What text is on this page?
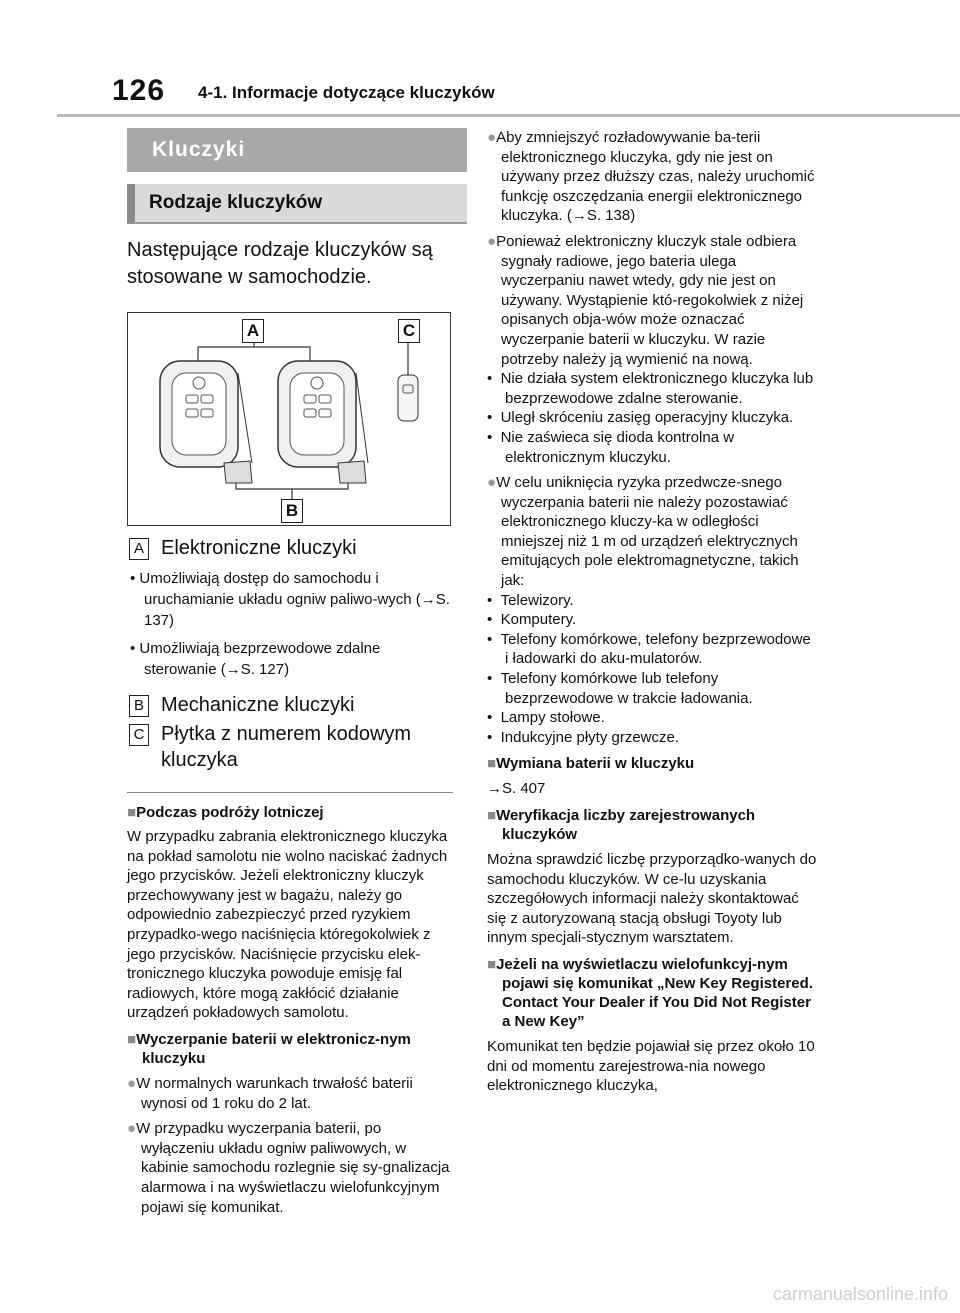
126 4-1. Informacje dotyczące kluczyków
Kluczyki
Rodzaje kluczyków
Następujące rodzaje kluczyków są stosowane w samochodzie.
A	C
B
A Elektroniczne kluczyki
• Umożliwiają dostęp do samochodu i uruchamianie układu ogniw paliwo-wych (→S. 137)
• Umożliwiają bezprzewodowe zdalne sterowanie (→S. 127)
B Mechaniczne kluczyki
C Płytka z numerem kodowym kluczyka
■Podczas podróży lotniczej
W przypadku zabrania elektronicznego kluczyka na pokład samolotu nie wolno naciskać żadnych jego przycisków. Jeżeli elektroniczny kluczyk przechowywany jest w bagażu, należy go odpowiednio zabezpieczyć przed ryzykiem przypadko-wego naciśnięcia któregokolwiek z jego przycisków. Naciśnięcie przycisku elek-tronicznego kluczyka powoduje emisję fal radiowych, które mogą zakłócić działanie urządzeń pokładowych samolotu.
■Wyczerpanie baterii w elektronicz-nym kluczyku
●W normalnych warunkach trwałość baterii wynosi od 1 roku do 2 lat.
●W przypadku wyczerpania baterii, po wyłączeniu układu ogniw paliwowych, w kabinie samochodu rozlegnie się sy-gnalizacja alarmowa i na wyświetlaczu wielofunkcyjnym pojawi się komunikat.
●Aby zmniejszyć rozładowywanie ba-terii elektronicznego kluczyka, gdy nie jest on używany przez dłuższy czas, należy uruchomić funkcję oszczędzania energii elektronicznego kluczyka. (→S. 138)
●Ponieważ elektroniczny kluczyk stale odbiera sygnały radiowe, jego bateria ulega wyczerpaniu nawet wtedy, gdy nie jest on używany. Wystąpienie któ-regokolwiek z niżej opisanych obja-wów może oznaczać wyczerpanie baterii w kluczyku. W razie potrzeby należy ją wymienić na nową.
•  Nie działa system elektronicznego kluczyka lub bezprzewodowe zdalne sterowanie.
•  Uległ skróceniu zasięg operacyjny kluczyka.
•  Nie zaświeca się dioda kontrolna w elektronicznym kluczyku.
●W celu uniknięcia ryzyka przedwcze-snego wyczerpania baterii nie należy pozostawiać elektronicznego kluczy-ka w odległości mniejszej niż 1 m od urządzeń elektrycznych emitujących pole elektromagnetyczne, takich jak:
•  Telewizory.
•  Komputery.
•  Telefony komórkowe, telefony bezprzewodowe i ładowarki do aku-mulatorów.
•  Telefony komórkowe lub telefony bezprzewodowe w trakcie ładowania.
•  Lampy stołowe.
•  Indukcyjne płyty grzewcze.
■Wymiana baterii w kluczyku
→S. 407
■Weryfikacja liczby zarejestrowanych kluczyków
Można sprawdzić liczbę przyporządko-wanych do samochodu kluczyków. W ce-lu uzyskania szczegółowych informacji należy skontaktować się z autoryzowaną stacją obsługi Toyoty lub innym specjali-stycznym warsztatem.
■Jeżeli na wyświetlaczu wielofunkcyj-nym pojawi się komunikat „New Key Registered. Contact Your Dealer if You Did Not Register a New Key”
Komunikat ten będzie pojawiał się przez około 10 dni od momentu zarejestrowa-nia nowego elektronicznego kluczyka,
carmanualsonline.info
